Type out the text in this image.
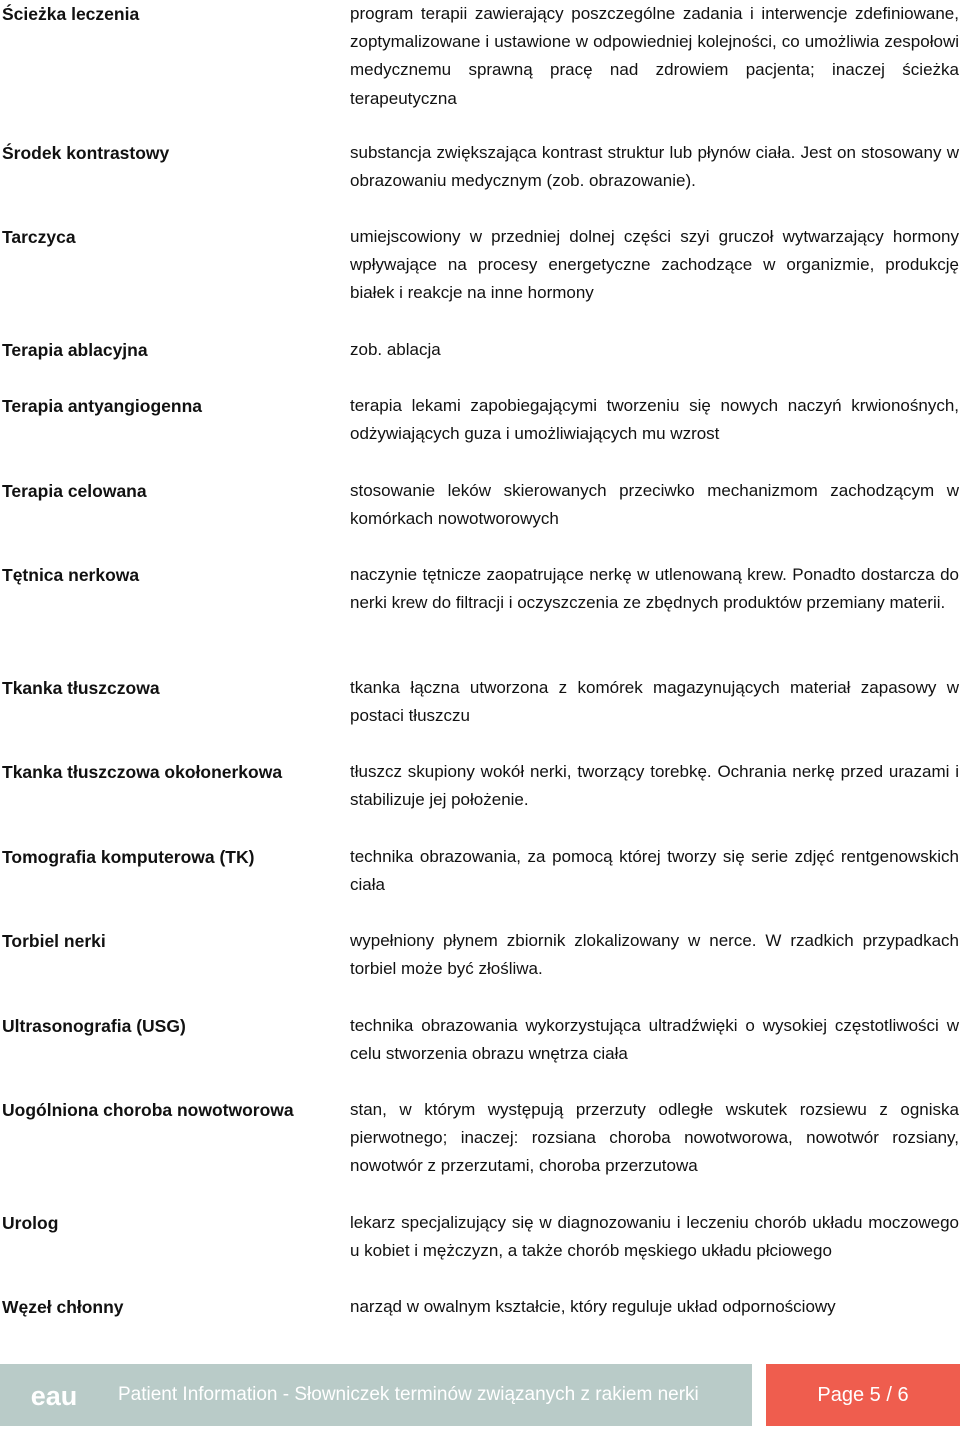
Ścieżka leczenia	program terapii zawierający poszczególne zadania i interwencje zdefiniowane, zoptymalizowane i ustawione w odpowiedniej kolejności, co umożliwia zespołowi medycznemu sprawną pracę nad zdrowiem pacjenta; inaczej ścieżka terapeutyczna
Środek kontrastowy	substancja zwiększająca kontrast struktur lub płynów ciała. Jest on stosowany w obrazowaniu medycznym (zob. obrazowanie).
Tarczyca	umiejscowiony w przedniej dolnej części szyi gruczoł wytwarzający hormony wpływające na procesy energetyczne zachodzące w organizmie, produkcję białek i reakcje na inne hormony
Terapia ablacyjna	zob. ablacja
Terapia antyangiogenna	terapia lekami zapobiegającymi tworzeniu się nowych naczyń krwionośnych, odżywiających guza i umożliwiających mu wzrost
Terapia celowana	stosowanie leków skierowanych przeciwko mechanizmom zachodzącym w komórkach nowotworowych
Tętnica nerkowa	naczynie tętnicze zaopatrujące nerkę w utlenowaną krew. Ponadto dostarcza do nerki krew do filtracji i oczyszczenia ze zbędnych produktów przemiany materii.
Tkanka tłuszczowa	tkanka łączna utworzona z komórek magazynujących materiał zapasowy w postaci tłuszczu
Tkanka tłuszczowa okołonerkowa	tłuszcz skupiony wokół nerki, tworzący torebkę. Ochrania nerkę przed urazami i stabilizuje jej położenie.
Tomografia komputerowa (TK)	technika obrazowania, za pomocą której tworzy się serie zdjęć rentgenowskich ciała
Torbiel nerki	wypełniony płynem zbiornik zlokalizowany w nerce. W rzadkich przypadkach torbiel może być złośliwa.
Ultrasonografia (USG)	technika obrazowania wykorzystująca ultradźwięki o wysokiej częstotliwości w celu stworzenia obrazu wnętrza ciała
Uogólniona choroba nowotworowa	stan, w którym występują przerzuty odległe wskutek rozsiewu z ogniska pierwotnego; inaczej: rozsiana choroba nowotworowa, nowotwór rozsiany, nowotwór z przerzutami, choroba przerzutowa
Urolog	lekarz specjalizujący się w diagnozowaniu i leczeniu chorób układu moczowego u kobiet i mężczyzn, a także chorób męskiego układu płciowego
Węzeł chłonny	narząd w owalnym kształcie, który reguluje układ odpornościowy
eau Patient Information - Słowniczek terminów związanych z rakiem nerki	Page 5 / 6
